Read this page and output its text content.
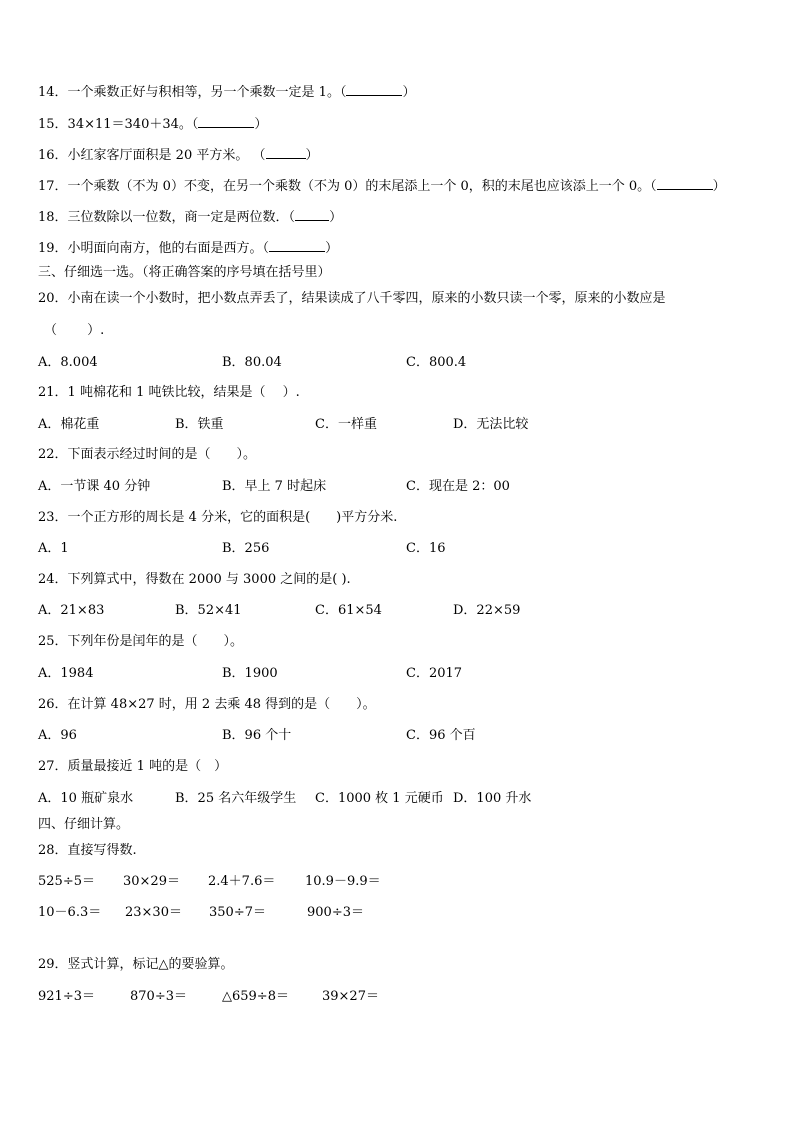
14．一个乘数正好与积相等，另一个乘数一定是 1。（	）
15．34×11＝340＋34。（	）
16．小红家客厅面积是 20 平方米。 （	）
17．一个乘数（不为 0）不变，在另一个乘数（不为 0）的末尾添上一个 0，积的末尾也应该添上一个 0。（	）
18．三位数除以一位数，商一定是两位数．（	）
19．小明面向南方，他的右面是西方。（	）
三、仔细选一选。（将正确答案的序号填在括号里）
20．小南在读一个小数时，把小数点弄丢了，结果读成了八千零四，原来的小数只读一个零，原来的小数应是
（　　 ）.
A．8.004	B．80.04	C．800.4
21．1 吨棉花和 1 吨铁比较，结果是（　 ）.
A．棉花重	B．铁重	C．一样重	D．无法比较
22．下面表示经过时间的是（　　）。
A．一节课 40 分钟	B．早上 7 时起床	C．现在是 2：00
23．一个正方形的周长是 4 分米，它的面积是(　　)平方分米.
A．1	B．256	C．16
24．下列算式中，得数在 2000 与 3000 之间的是( ).
A．21×83	B．52×41	C．61×54	D．22×59
25．下列年份是闰年的是（　　）。
A．1984	B．1900	C．2017
26．在计算 48×27 时，用 2 去乘 48 得到的是（　　）。
A．96	B．96 个十	C．96 个百
27．质量最接近 1 吨的是（　）
A．10 瓶矿泉水	B．25 名六年级学生 C．1000 枚 1 元硬币 D．100 升水
四、仔细计算。
28．直接写得数.
525÷5＝ 30×29＝ 2.4＋7.6＝ 10.9－9.9＝
10－6.3＝ 23×30＝ 350÷7＝	900÷3＝
29．竖式计算，标记△的要验算。
921÷3＝	870÷3＝	△659÷8＝	39×27＝
